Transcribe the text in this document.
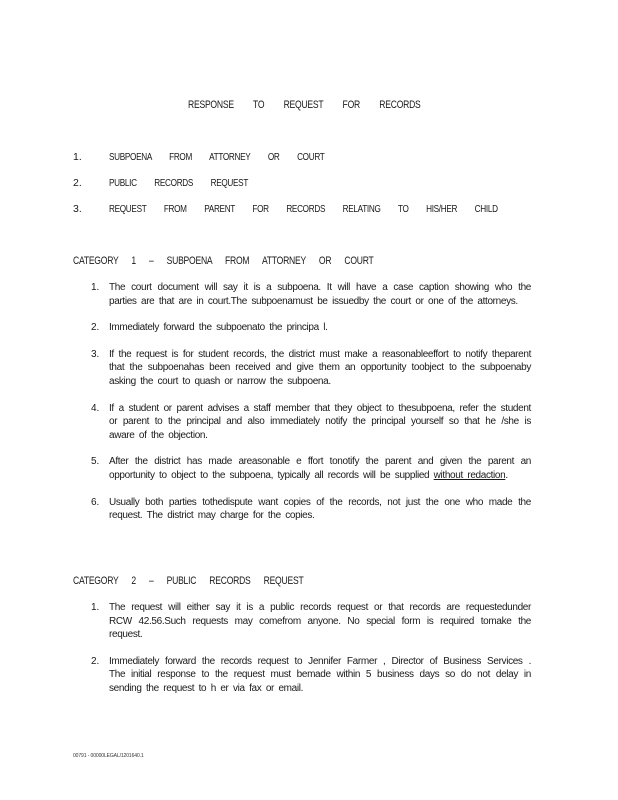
RESPONSE TO REQUEST FOR RECORDS
1.	SUBPOENA FROM ATTORNEY OR COURT
2.	PUBLIC RECORDS REQUEST
3.	REQUEST FROM PARENT FOR RECORDS RELATING TO HIS/HER CHILD
CATEGORY 1 – SUBPOENA FROM ATTORNEY OR COURT
1. The court document will say it is a subpoena. It will have a case caption showing who the parties are that are in court.The subpoenamust be issuedby the court or one of the attorneys.
2. Immediately forward the subpoenato the principa l.
3. If the request is for student records, the district must make a reasonableeffort to notify theparent that the subpoenahas been received and give them an opportunity toobject to the subpoenaby asking the court to quash or narrow the subpoena.
4. If a student or parent advises a staff member that they object to thesubpoena, refer the student or parent to the principal and also immediately notify the principal yourself so that he /she is aware of the objection.
5. After the district has made areasonable e ffort tonotify the parent and given the parent an opportunity to object to the subpoena, typically all records will be supplied without redaction.
6. Usually both parties tothedispute want copies of the records, not just the one who made the request. The district may charge for the copies.
CATEGORY 2 – PUBLIC RECORDS REQUEST
1. The request will either say it is a public records request or that records are requestedunder RCW 42.56.Such requests may comefrom anyone. No special form is required tomake the request.
2. Immediately forward the records request to Jennifer Farmer , Director of Business Services . The initial response to the request must bemade within 5 business days so do not delay in sending the request to h er via fax or email.
00791 - 00000LEGAL/1201640.1
